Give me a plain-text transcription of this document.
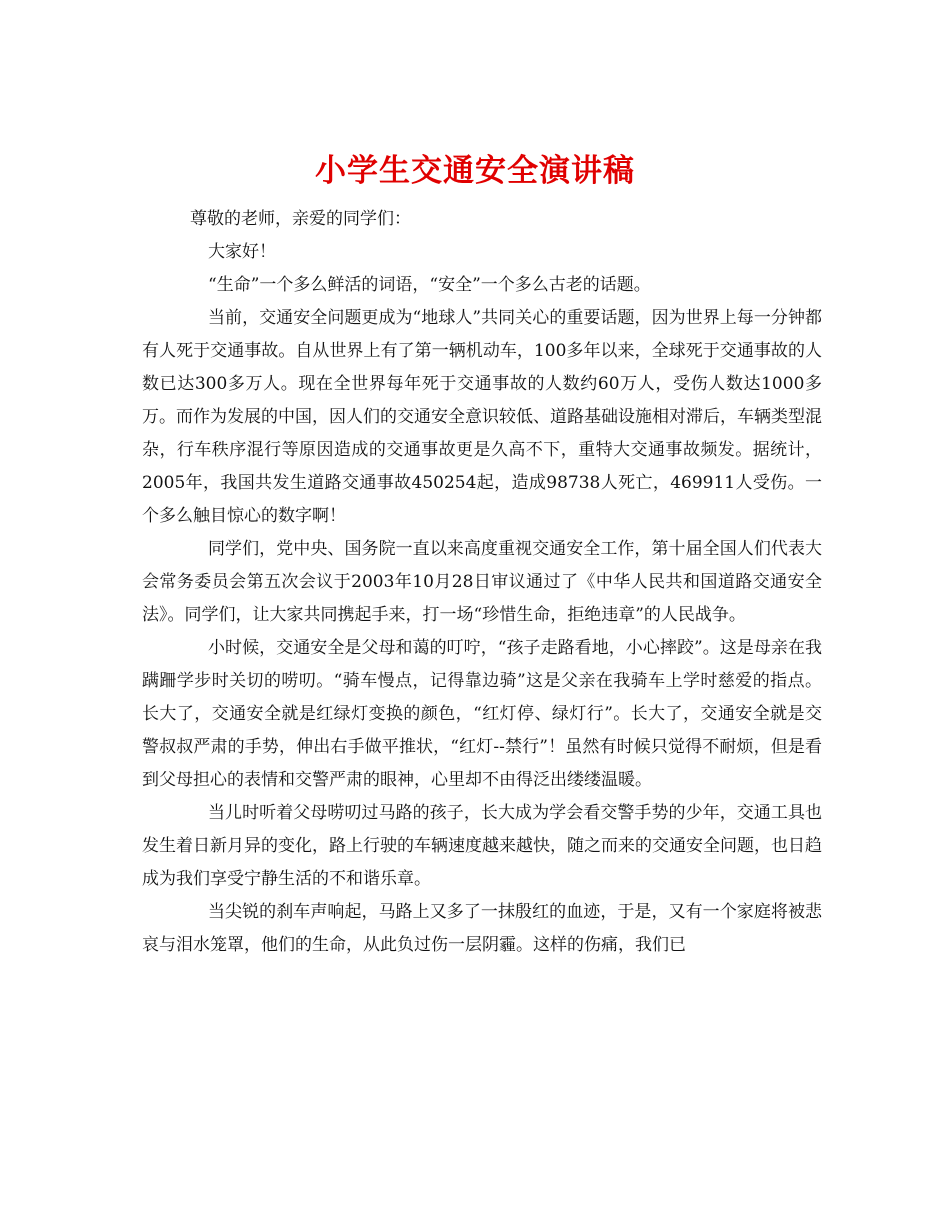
小学生交通安全演讲稿

尊敬的老师，亲爱的同学们：

大家好！

“生命”一个多么鲜活的词语，“安全”一个多么古老的话题。

当前，交通安全问题更成为“地球人”共同关心的重要话题，因为世界上每一分钟都有人死于交通事故。自从世界上有了第一辆机动车，100多年以来，全球死于交通事故的人数已达300多万人。现在全世界每年死于交通事故的人数约60万人，受伤人数达1000多万。而作为发展的中国，因人们的交通安全意识较低、道路基础设施相对滞后，车辆类型混杂，行车秩序混行等原因造成的交通事故更是久高不下，重特大交通事故频发。据统计，2005年，我国共发生道路交通事故450254起，造成98738人死亡，469911人受伤。一个多么触目惊心的数字啊！

同学们，党中央、国务院一直以来高度重视交通安全工作，第十届全国人们代表大会常务委员会第五次会议于2003年10月28日审议通过了《中华人民共和国道路交通安全法》。同学们，让大家共同携起手来，打一场“珍惜生命，拒绝违章”的人民战争。

小时候，交通安全是父母和蔼的叮咛，“孩子走路看地，小心摔跤”。这是母亲在我蹒跚学步时关切的唠叨。“骑车慢点，记得靠边骑”这是父亲在我骑车上学时慈爱的指点。长大了，交通安全就是红绿灯变换的颜色，“红灯停、绿灯行”。长大了，交通安全就是交警叔叔严肃的手势，伸出右手做平推状，“红灯--禁行”！虽然有时候只觉得不耐烦，但是看到父母担心的表情和交警严肃的眼神，心里却不由得泛出缕缕温暖。

当儿时听着父母唠叨过马路的孩子，长大成为学会看交警手势的少年，交通工具也发生着日新月异的变化，路上行驶的车辆速度越来越快，随之而来的交通安全问题，也日趋成为我们享受宁静生活的不和谐乐章。

当尖锐的刹车声响起，马路上又多了一抹殷红的血迹，于是，又有一个家庭将被悲哀与泪水笼罩，他们的生命，从此负过伤一层阴霾。这样的伤痛，我们已
